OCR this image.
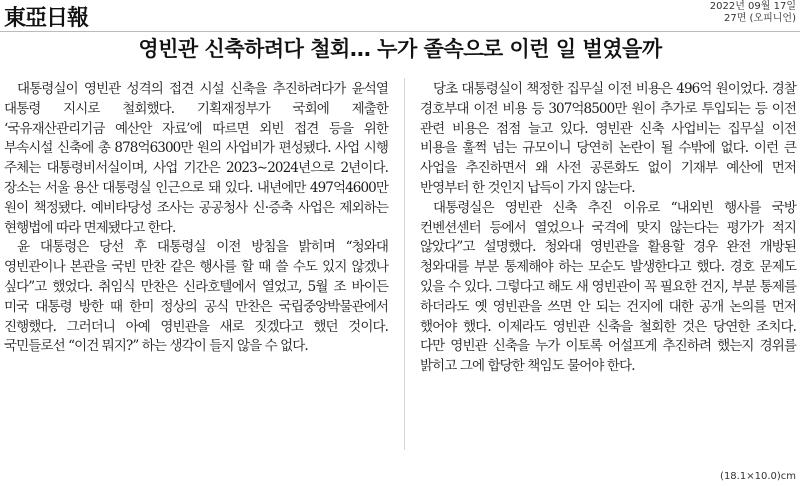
東亞日報	2022년 09월 17일
27면 (오피니언)
영빈관 신축하려다 철회… 누가 졸속으로 이런 일 벌였을까

대통령실이 영빈관 성격의 접견 시설 신축을 추진하려다가 윤석열 대통령 지시로 철회했다. 기획재정부가 국회에 제출한 ‘국유재산관리기금 예산안 자료’에 따르면 외빈 접견 등을 위한 부속시설 신축에 총 878억6300만 원의 사업비가 편성됐다. 사업 시행 주체는 대통령비서실이며, 사업 기간은 2023∼2024년으로 2년이다. 장소는 서울 용산 대통령실 인근으로 돼 있다. 내년에만 497억4600만 원이 책정됐다. 예비타당성 조사는 공공청사 신·증축 사업은 제외하는 현행법에 따라 면제됐다고 한다.

윤 대통령은 당선 후 대통령실 이전 방침을 밝히며 “청와대 영빈관이나 본관을 국빈 만찬 같은 행사를 할 때 쓸 수도 있지 않겠나 싶다”고 했었다. 취임식 만찬은 신라호텔에서 열었고, 5월 조 바이든 미국 대통령 방한 때 한미 정상의 공식 만찬은 국립중앙박물관에서 진행했다. 그러더니 아예 영빈관을 새로 짓겠다고 했던 것이다. 국민들로선 “이건 뭐지?” 하는 생각이 들지 않을 수 없다.

당초 대통령실이 책정한 집무실 이전 비용은 496억 원이었다. 경찰 경호부대 이전 비용 등 307억8500만 원이 추가로 투입되는 등 이전 관련 비용은 점점 늘고 있다. 영빈관 신축 사업비는 집무실 이전 비용을 훌쩍 넘는 규모이니 당연히 논란이 될 수밖에 없다. 이런 큰 사업을 추진하면서 왜 사전 공론화도 없이 기재부 예산에 먼저 반영부터 한 것인지 납득이 가지 않는다.

대통령실은 영빈관 신축 추진 이유로 “내외빈 행사를 국방 컨벤션센터 등에서 열었으나 국격에 맞지 않는다는 평가가 적지 않았다”고 설명했다. 청와대 영빈관을 활용할 경우 완전 개방된 청와대를 부분 통제해야 하는 모순도 발생한다고 했다. 경호 문제도 있을 수 있다. 그렇다고 해도 새 영빈관이 꼭 필요한 건지, 부분 통제를 하더라도 옛 영빈관을 쓰면 안 되는 건지에 대한 공개 논의를 먼저 했어야 했다. 이제라도 영빈관 신축을 철회한 것은 당연한 조치다. 다만 영빈관 신축을 누가 이토록 어설프게 추진하려 했는지 경위를 밝히고 그에 합당한 책임도 물어야 한다.

(18.1×10.0)cm
